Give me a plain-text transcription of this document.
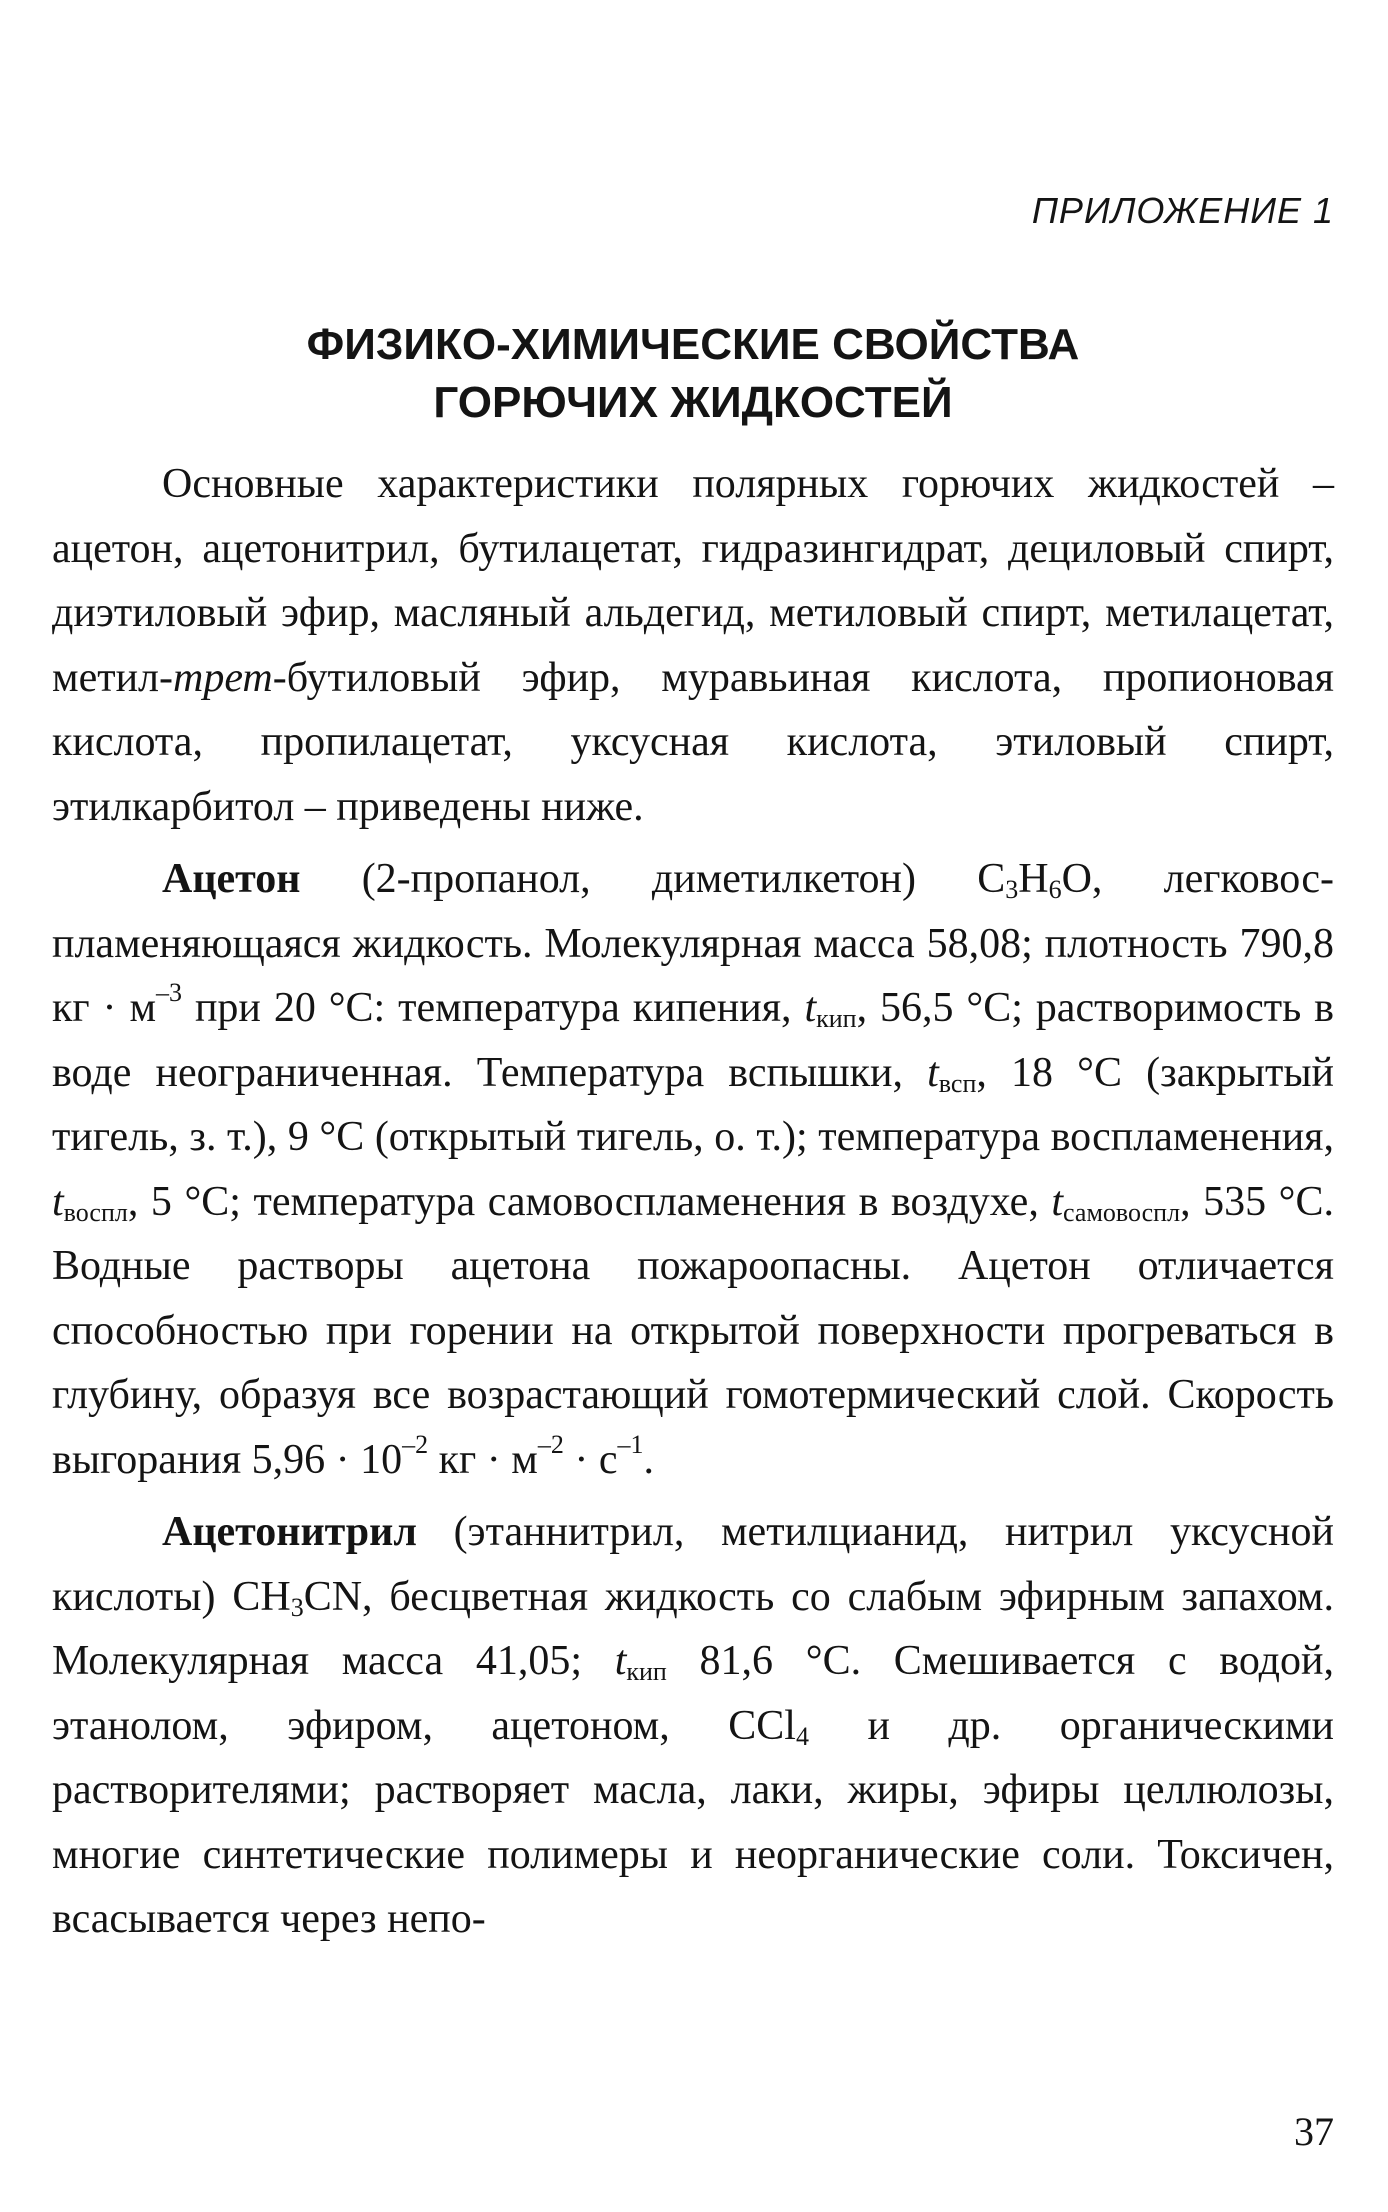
ПРИЛОЖЕНИЕ 1
ФИЗИКО-ХИМИЧЕСКИЕ СВОЙСТВА
ГОРЮЧИХ ЖИДКОСТЕЙ

Основные характеристики полярных горючих жидкостей – ацетон, ацетонитрил, бутилацетат, гидразингидрат, дециловый спирт, диэтиловый эфир, масляный альдегид, метиловый спирт, метилацетат, метил-трет-бутиловый эфир, муравьиная кислота, пропионовая кислота, пропилацетат, уксусная кислота, этиловый спирт, этилкарбитол – приведены ниже.

Ацетон (2-пропанол, диметилкетон) $C_3H_6O$, легковоспламеняющаяся жидкость. Молекулярная масса 58,08; плотность 790,8 кг · $м^{-3}$ при 20 °C: температура кипения, $t_{кип}$, 56,5 °C; растворимость в воде неограниченная. Температура вспышки, $t_{всп}$, 18 °C (закрытый тигель, з. т.), 9 °C (открытый тигель, о. т.); температура воспламенения, $t_{воспл}$, 5 °C; температура самовоспламенения в воздухе, $t_{самовоспл}$, 535 °C. Водные растворы ацетона пожароопасны. Ацетон отличается способностью при горении на открытой поверхности прогреваться в глубину, образуя все возрастающий гомотермический слой. Скорость выгорания $5,96 \cdot 10^{-2}$ кг · $м^{-2} \cdot с^{-1}$.

Ацетонитрил (этаннитрил, метилцианид, нитрил уксусной кислоты) $CH_3CN$, бесцветная жидкость со слабым эфирным запахом. Молекулярная масса 41,05; $t_{кип}$ 81,6 °C. Смешивается с водой, этанолом, эфиром, ацетоном, CCl$_4$ и др. органическими растворителями; растворяет масла, лаки, жиры, эфиры целлюлозы, многие синтетические полимеры и неорганические соли. Токсичен, всасывается через непо-

37
